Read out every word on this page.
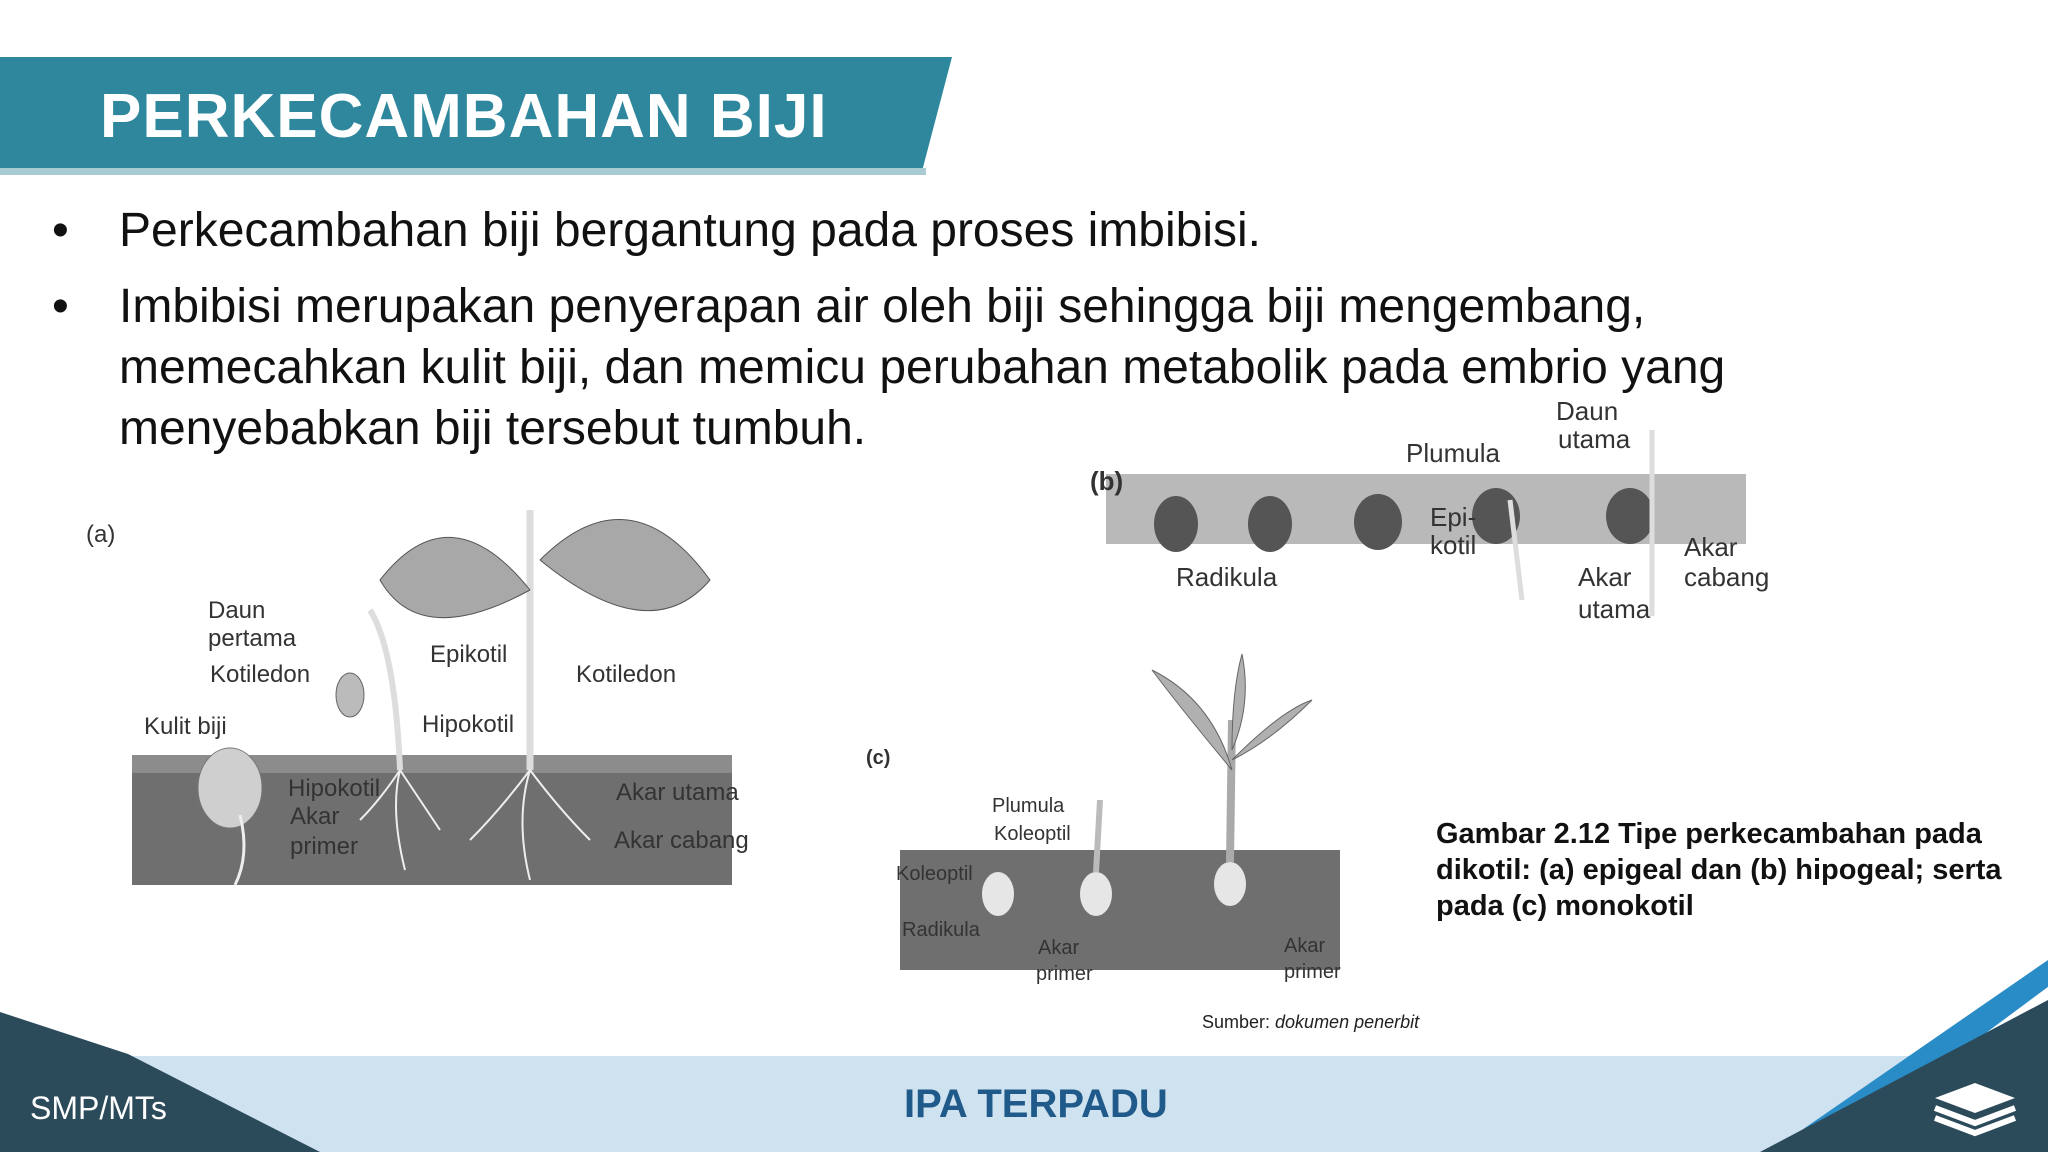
PERKECAMBAHAN BIJI
• Perkecambahan biji bergantung pada proses imbibisi.
• Imbibisi merupakan penyerapan air oleh biji sehingga biji mengembang, memecahkan kulit biji, dan memicu perubahan metabolik pada embrio yang menyebabkan biji tersebut tumbuh.
Daun
pertama
Kotiledon
Kulit biji
Epikotil
Hipokotil
Kotiledon
Hipokotil
Akar
primer
Akar utama
Akar cabang
(a)
(b)
Plumula
Daun
utama
Radikula
Epi-
kotil
Akar
utama
Akar
cabang
(c)
Plumula
Koleoptil
Koleoptil
Radikula
Akar
primer
Akar
primer
Gambar 2.12 Tipe perkecambahan pada dikotil: (a) epigeal dan (b) hipogeal; serta pada (c) monokotil
Sumber: dokumen penerbit
SMP/MTs	IPA TERPADU
